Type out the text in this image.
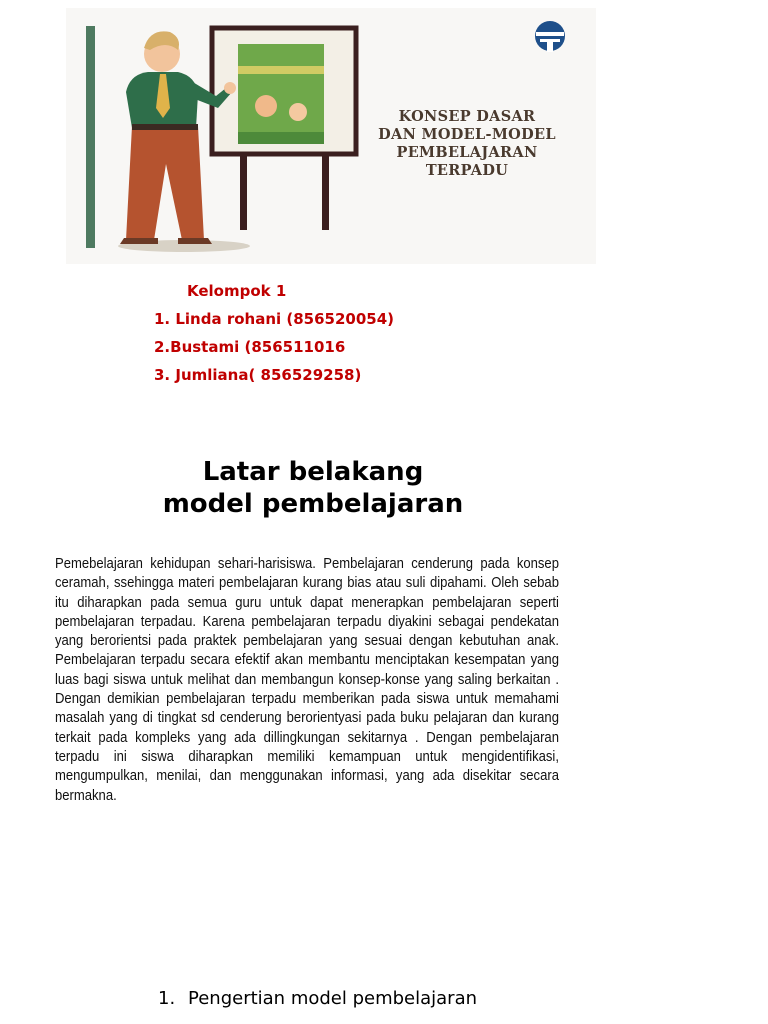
KONSEP DASAR
DAN MODEL-MODEL
PEMBELAJARAN
TERPADU
Kelompok 1
1. Linda rohani (856520054)
2.Bustami (856511016
3. Jumliana( 856529258)
Latar belakang
model pembelajaran
Pemebelajaran kehidupan sehari-harisiswa. Pembelajaran cenderung pada konsep ceramah, ssehingga materi pembelajaran kurang bias atau suli dipahami. Oleh sebab itu diharapkan pada semua guru untuk dapat menerapkan pembelajaran seperti pembelajaran terpadau. Karena pembelajaran terpadu diyakini sebagai pendekatan yang berorientsi pada praktek pembelajaran yang sesuai dengan kebutuhan anak. Pembelajaran terpadu secara efektif akan membantu menciptakan kesempatan yang luas bagi siswa untuk melihat dan membangun konsep-konse yang saling berkaitan . Dengan demikian pembelajaran terpadu memberikan pada siswa untuk memahami masalah yang di tingkat sd cenderung berorientyasi pada buku pelajaran dan kurang terkait pada kompleks yang ada dillingkungan sekitarnya . Dengan pembelajaran terpadu ini siswa diharapkan memiliki kemampuan untuk mengidentifikasi, mengumpulkan, menilai, dan menggunakan informasi, yang ada disekitar secara bermakna.
1. Pengertian model pembelajaran
